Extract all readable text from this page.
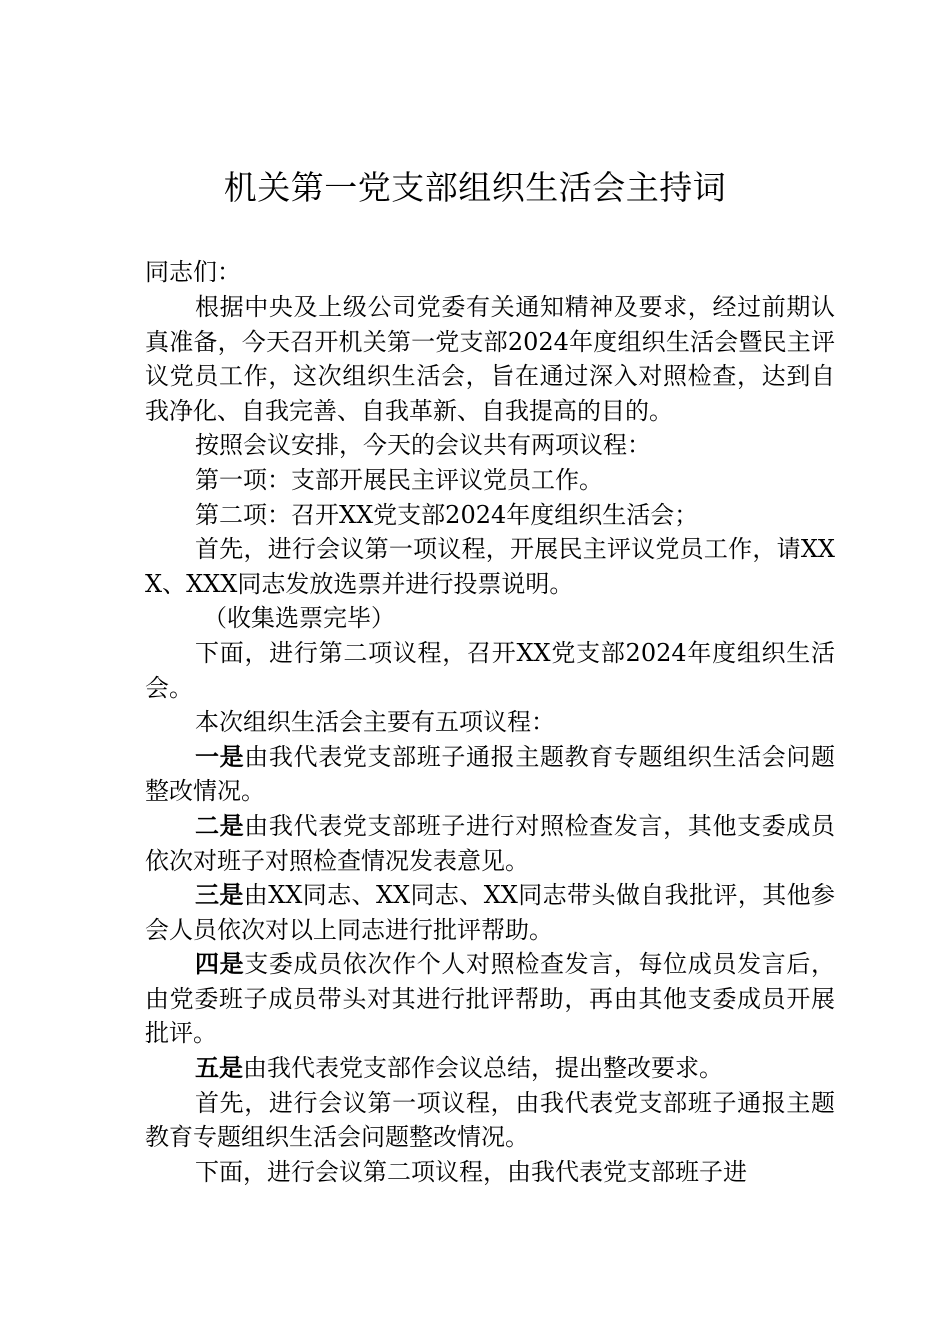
机关第一党支部组织生活会主持词

同志们：

根据中央及上级公司党委有关通知精神及要求，经过前期认真准备，今天召开机关第一党支部2024年度组织生活会暨民主评议党员工作，这次组织生活会，旨在通过深入对照检查，达到自我净化、自我完善、自我革新、自我提高的目的。

按照会议安排，今天的会议共有两项议程：

第一项：支部开展民主评议党员工作。

第二项：召开XX党支部2024年度组织生活会；

首先，进行会议第一项议程，开展民主评议党员工作，请XXX、XXX同志发放选票并进行投票说明。

（收集选票完毕）

下面，进行第二项议程，召开XX党支部2024年度组织生活会。

本次组织生活会主要有五项议程：

一是由我代表党支部班子通报主题教育专题组织生活会问题整改情况。

二是由我代表党支部班子进行对照检查发言，其他支委成员依次对班子对照检查情况发表意见。

三是由XX同志、XX同志、XX同志带头做自我批评，其他参会人员依次对以上同志进行批评帮助。

四是支委成员依次作个人对照检查发言，每位成员发言后，由党委班子成员带头对其进行批评帮助，再由其他支委成员开展批评。

五是由我代表党支部作会议总结，提出整改要求。

首先，进行会议第一项议程，由我代表党支部班子通报主题教育专题组织生活会问题整改情况。

下面，进行会议第二项议程，由我代表党支部班子进
